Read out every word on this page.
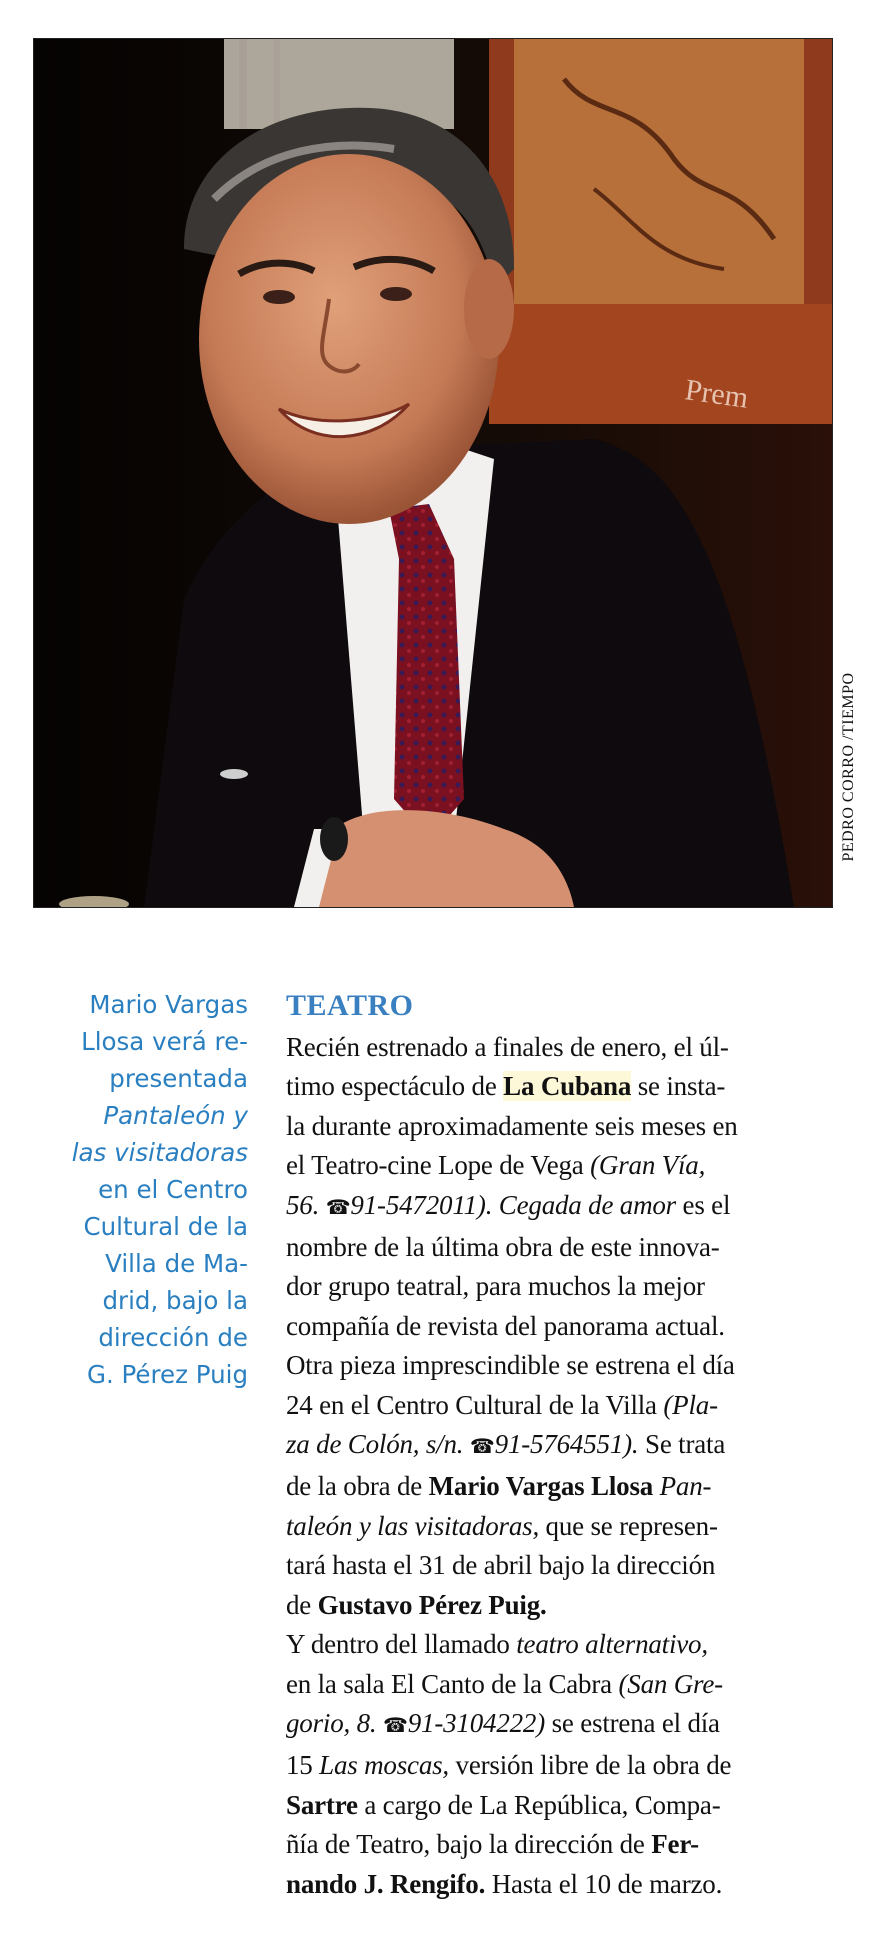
Prem
PEDRO CORRO /TIEMPO
Mario Vargas
Llosa verá re-
presentada
Pantaleón y
las visitadoras
en el Centro
Cultural de la
Villa de Ma-
drid, bajo la
dirección de
G. Pérez Puig
TEATRO
Recién estrenado a finales de enero, el úl-
timo espectáculo de La Cubana se insta-
la durante aproximadamente seis meses en
el Teatro-cine Lope de Vega (Gran Vía,
56. ☎91-5472011). Cegada de amor es el
nombre de la última obra de este innova-
dor grupo teatral, para muchos la mejor
compañía de revista del panorama actual.
Otra pieza imprescindible se estrena el día
24 en el Centro Cultural de la Villa (Pla-
za de Colón, s/n. ☎91-5764551). Se trata
de la obra de Mario Vargas Llosa Pan-
taleón y las visitadoras, que se represen-
tará hasta el 31 de abril bajo la dirección
de Gustavo Pérez Puig.
Y dentro del llamado teatro alternativo,
en la sala El Canto de la Cabra (San Gre-
gorio, 8. ☎91-3104222) se estrena el día
15 Las moscas, versión libre de la obra de
Sartre a cargo de La República, Compa-
ñía de Teatro, bajo la dirección de Fer-
nando J. Rengifo. Hasta el 10 de marzo.
